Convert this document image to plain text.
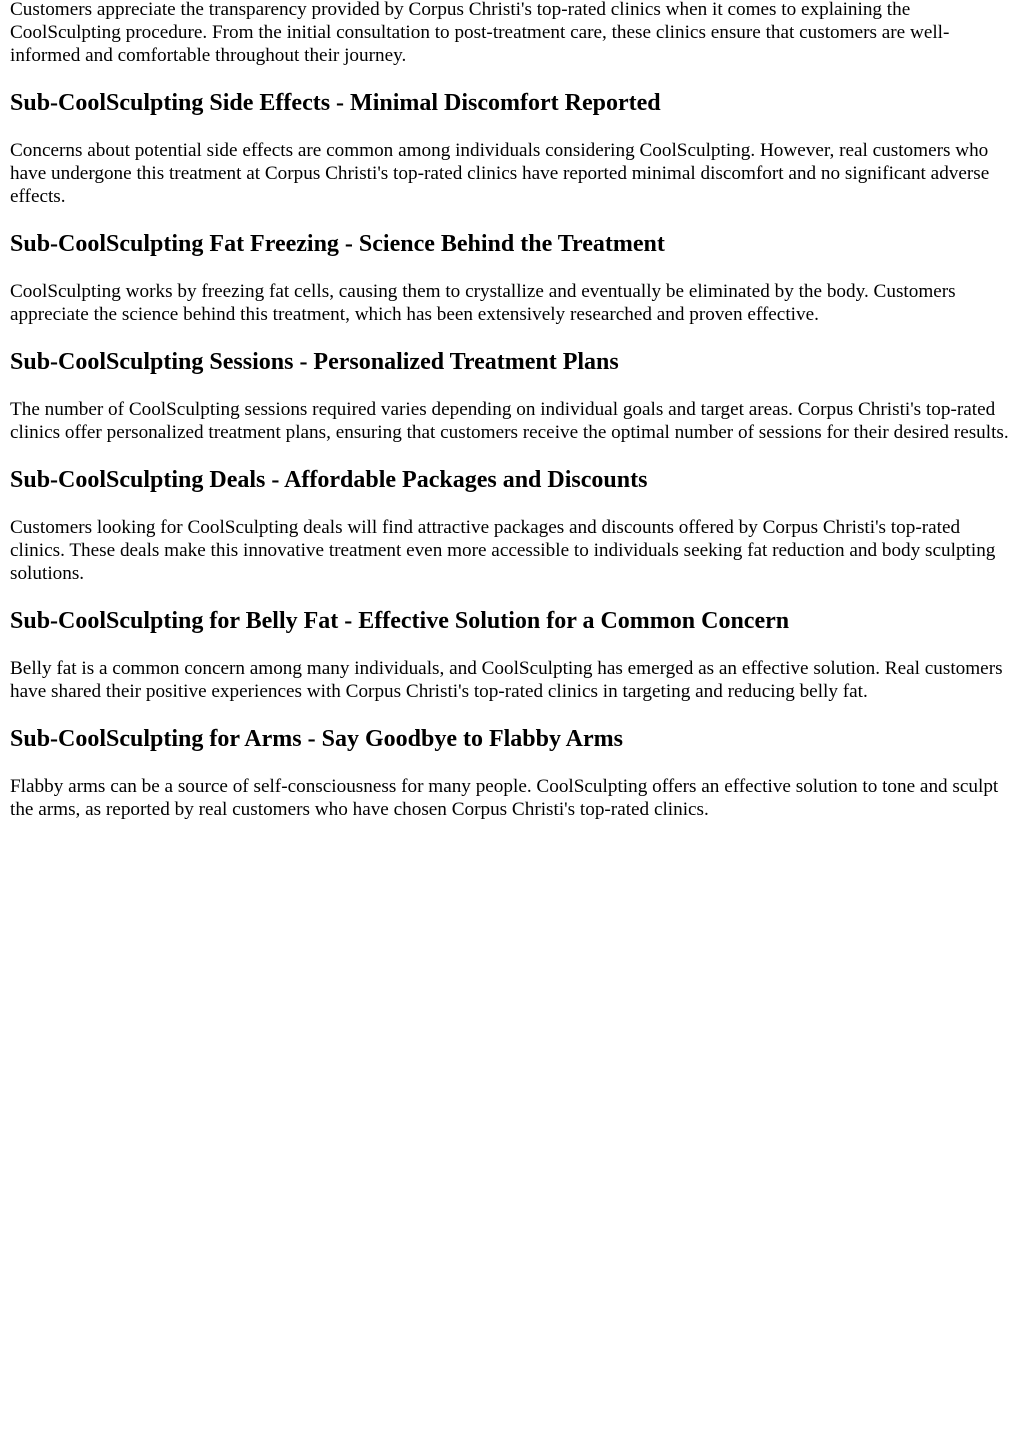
Customers appreciate the transparency provided by Corpus Christi's top-rated clinics when it comes to explaining the CoolSculpting procedure. From the initial consultation to post-treatment care, these clinics ensure that customers are well-informed and comfortable throughout their journey.

Sub-CoolSculpting Side Effects - Minimal Discomfort Reported

Concerns about potential side effects are common among individuals considering CoolSculpting. However, real customers who have undergone this treatment at Corpus Christi's top-rated clinics have reported minimal discomfort and no significant adverse effects.

Sub-CoolSculpting Fat Freezing - Science Behind the Treatment

CoolSculpting works by freezing fat cells, causing them to crystallize and eventually be eliminated by the body. Customers appreciate the science behind this treatment, which has been extensively researched and proven effective.

Sub-CoolSculpting Sessions - Personalized Treatment Plans

The number of CoolSculpting sessions required varies depending on individual goals and target areas. Corpus Christi's top-rated clinics offer personalized treatment plans, ensuring that customers receive the optimal number of sessions for their desired results.

Sub-CoolSculpting Deals - Affordable Packages and Discounts

Customers looking for CoolSculpting deals will find attractive packages and discounts offered by Corpus Christi's top-rated clinics. These deals make this innovative treatment even more accessible to individuals seeking fat reduction and body sculpting solutions.

Sub-CoolSculpting for Belly Fat - Effective Solution for a Common Concern

Belly fat is a common concern among many individuals, and CoolSculpting has emerged as an effective solution. Real customers have shared their positive experiences with Corpus Christi's top-rated clinics in targeting and reducing belly fat.

Sub-CoolSculpting for Arms - Say Goodbye to Flabby Arms

Flabby arms can be a source of self-consciousness for many people. CoolSculpting offers an effective solution to tone and sculpt the arms, as reported by real customers who have chosen Corpus Christi's top-rated clinics.
